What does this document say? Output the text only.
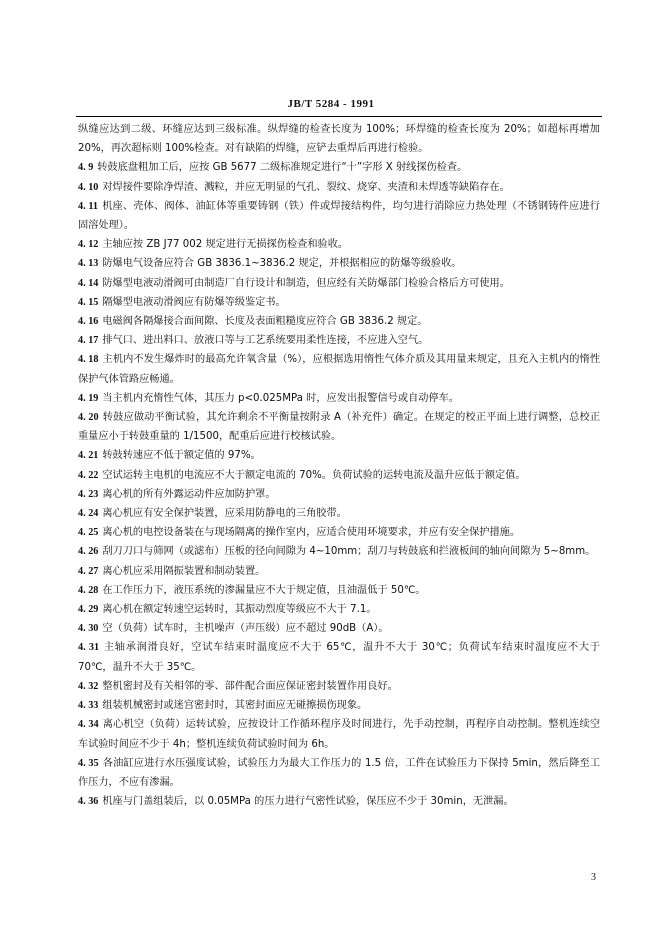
JB/T 5284 - 1991

纵缝应达到二级、环缝应达到三级标准。纵焊缝的检查长度为 100%；环焊缝的检查长度为 20%；如超标再增加 20%，再次超标则 100%检查。对有缺陷的焊缝，应铲去重焊后再进行检验。

4. 9 转鼓底盘粗加工后，应按 GB 5677 二级标准规定进行“十”字形 X 射线探伤检查。

4. 10 对焊接件要除净焊渣、溅粒，并应无明显的气孔、裂纹、烧穿、夹渣和未焊透等缺陷存在。

4. 11 机座、壳体、阀体、油缸体等重要铸钢（铁）件或焊接结构件，均匀进行消除应力热处理（不锈钢铸件应进行固溶处理）。

4. 12 主轴应按 ZB J77 002 规定进行无损探伤检查和验收。

4. 13 防爆电气设备应符合 GB 3836.1~3836.2 规定，并根据相应的防爆等级验收。

4. 14 防爆型电液动滑阀可由制造厂自行设计和制造，但应经有关防爆部门检验合格后方可使用。

4. 15 隔爆型电液动滑阀应有防爆等级鉴定书。

4. 16 电磁阀各隔爆接合面间隙、长度及表面粗糙度应符合 GB 3836.2 规定。

4. 17 排气口、进出料口、放液口等与工艺系统要用柔性连接，不应进入空气。

4. 18 主机内不发生爆炸时的最高允许氧含量（%），应根据选用惰性气体介质及其用量来规定，且充入主机内的惰性保护气体管路应畅通。

4. 19 当主机内充惰性气体，其压力 p<0.025MPa 时，应发出报警信号或自动停车。

4. 20 转鼓应做动平衡试验，其允许剩余不平衡量按附录 A（补充件）确定。在规定的校正平面上进行调整，总校正重量应小于转鼓重量的 1/1500，配重后应进行校核试验。

4. 21 转鼓转速应不低于额定值的 97%。

4. 22 空试运转主电机的电流应不大于额定电流的 70%。负荷试验的运转电流及温升应低于额定值。

4. 23 离心机的所有外露运动件应加防护罩。

4. 24 离心机应有安全保护装置，应采用防静电的三角胶带。

4. 25 离心机的电控设备装在与现场隔离的操作室内，应适合使用环境要求，并应有安全保护措施。

4. 26 刮刀刀口与筛网（或滤布）压板的径向间隙为 4~10mm；刮刀与转鼓底和拦液板间的轴向间隙为 5~8mm。

4. 27 离心机应采用隔振装置和制动装置。

4. 28 在工作压力下，液压系统的渗漏量应不大于规定值，且油温低于 50℃。

4. 29 离心机在额定转速空运转时，其振动烈度等级应不大于 7.1。

4. 30 空（负荷）试车时，主机噪声（声压级）应不超过 90dB（A）。

4. 31 主轴承润滑良好，空试车结束时温度应不大于 65℃，温升不大于 30℃；负荷试车结束时温度应不大于 70℃，温升不大于 35℃。

4. 32 整机密封及有关相邻的零、部件配合面应保证密封装置作用良好。

4. 33 组装机械密封或迷宫密封时，其密封面应无碰擦损伤现象。

4. 34 离心机空（负荷）运转试验，应按设计工作循环程序及时间进行，先手动控制，再程序自动控制。整机连续空车试验时间应不少于 4h；整机连续负荷试验时间为 6h。

4. 35 各油缸应进行水压强度试验，试验压力为最大工作压力的 1.5 倍，工件在试验压力下保持 5min，然后降至工作压力，不应有渗漏。

4. 36 机座与门盖组装后，以 0.05MPa 的压力进行气密性试验，保压应不少于 30min，无泄漏。

3
